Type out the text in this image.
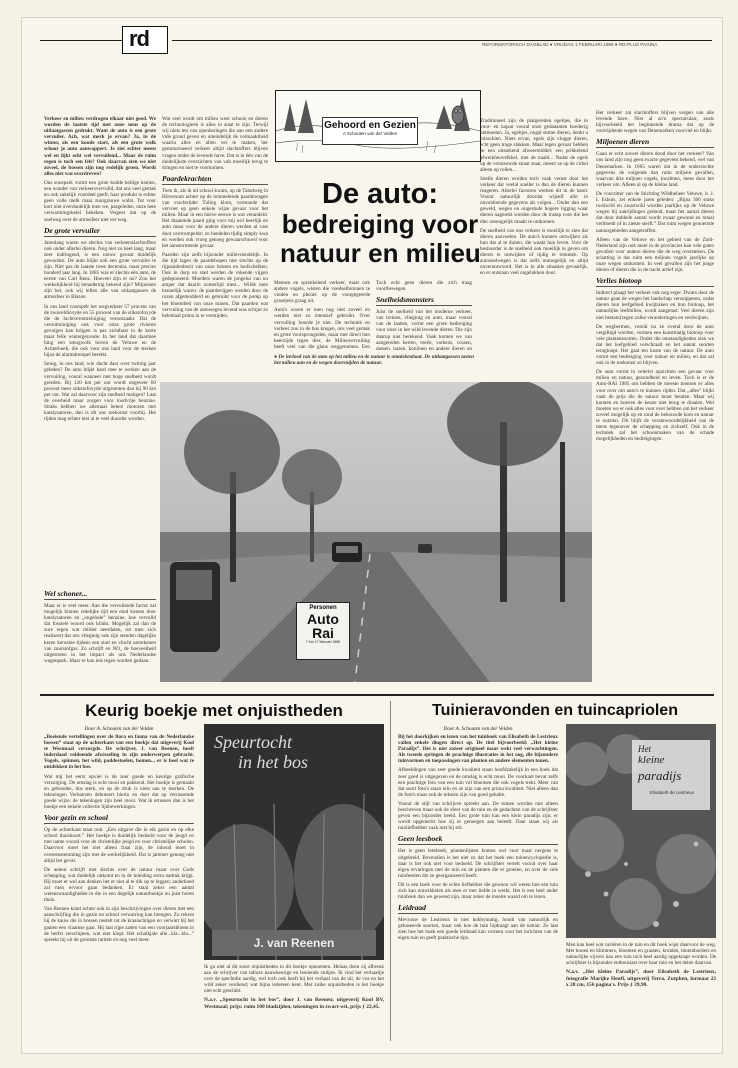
rd	REFORMATORISCH DAGBLAD ● VRIJDAG 1 FEBRUARI 1985 ● RD-PLUS PAGINA

Verkeer en milieu verdragen elkaar niet goed. We worden de laatste tijd met onze neus op de uitlaatgassen gedrukt. Want de auto is een grote vervuiler. Ach, wat merk je ervan? Ja, in de winter, als een koude start, als een grote wolk schoor je auto aanwappert. Je ziet echter meest wel en lijkt echt wel vervuilend... Maar de ruim regen is toch een feit? Ook daarvan zien we niet zoveel, de bossen zijn nog redelijk groen. Wordt alles niet wat overdreven?

Ons snoepark vormt een grote kudde heilige koeien, een wonder van verkeersvervuild, dat ons veel gemak en ook zakelijk voordeel geeft; haar produkt is echter geen volle melk maar zuurgrauwe walm. Tot voor kort niet overduidelijk toen we, pasgeleden, onze hete verwarmingsketel bekeken. Vergeet dat op de snelweg over de atmosfeer niet ver weg.

De grote vervuiler

Jarenlang waren we slechts van verkeersslachtoffers ook onder allerlei dieren. Nog niet zo heel lang, maar zeer indringend, is een nieuw gevaar duidelijk geworden. De auto blijkt ook een grote vervuiler te zijn. Niet pas de laatste twee decennia, maar precies honderd jaar lang. In 1885 was er slechts één auto, de eerste van Carl Benz. Hoeveel zijn er nu? Zou het werkelijkheid bij benadering bekend zijn? Miljoenen zijn het, ook wij tellen alle van uitlaatgassen de atmosfeer in Blazen.

In ons land voorspelt het wegverkeer 57 procent van de zwaveldioxyde en 55 procent van de stikstofoxyde die de luchtverontreiniging veroorzaakt. Dat de verontreiniging ook voor onze grote rivieren gevolgen kan krijgen is pas zichtbaar in de korte maar felle wintergezonde. In het land dat daarmee hing een smogwolk boven de Veluwe en de Achterhoek, die ook voor ons land voor de sterken bijna de alarmdrempel bereikt.

Smog, in ons land, wie dacht daar over twintig jaar geleden? De auto blijkt hard mee te werken aan de vervuiling, vooral wanneer met hoge snelheid wordt gereden. Bij 120 km per uur wordt ongeveer 60 procent meer stikstofoxyde uitgestoten dan bij 90 km per uur. Wat zal daarvoor zijn snelheid matigen? Laat de overheid maar zorgen voor loodvrije benzine. Straks hebben we allemaal betere motoren met katalysatoren, dan is dit ons toekomst voorbij. Het rijden mag echter niet al te veel duurder worden.

Wel schoner...

Maar er is veel meer. Aan die vervuilende factor zal mogelijk binnen redelijke tijd een eind komen door katalysatoren en „ongelode” benzine, hoe vervuild dat fossiele woord ook klinkt. Mogelijk zal dan de zure regen wat milder neerdalen, tot men zich realiseert dat ons vliegtuig ook zijn stenden dagelijks keren kerosine tijdens een start en vlucht omrekenen van zuurstofgas. Zo schrijft en NO₂ de hoeveelheid uitgestoten in het impact als ons Nederlandse wagenpark. Maar er kan iets tegen worden gedaan.

Wat veel wordt om milieu weer schoon en dieren de technologieën is alles in staat te zijn. Terwijl wij niets ten van openbaringen die aan een andere vide grond geven en uiteindelijk de volmaaktheid waarin alles en allen ver te maken, her gemotoriseerd verkeer altijd slachtoffers blijven vragen onder de levende have. Dat is in één van de duidelijkste overzichten van valt moeilijk terug te dringen en niet te voorkomen.

Paardekrachten

Toen ik, als ik uit school kwam, op de Taludweg in Hilversum achter op de remmelende paardewagen van vrachtrijder Tuling klom, vermoede dat vervoer op geen enkele wijze gevaar voor het milieu. Maar in een hoeve eenwe is wat verandeld. Het draaiende paard ging voor mij wel heerlijk en auto maar voor de andere dieren werden al vast door overrompelde; zo hendelen tijdig simply kwa en werden ook vroeg genoeg gewaarschuwd voor het aanstormende gevaar.

Paarden zijn zelfs bijzonder milievriendelijk. In die tijd lagen de paardehopen niet slechts op de rijpaardenbezit van onze bossen en loofschelken. Ook in dorp en stad werden de rokende vijgen gedeponeerd. Moeders waren de jongelui van nu amper dat daarin zomerlijd mest... Wilde men kennelijk waren: de paardevijgen werden door de rozen afgemodderd en gebruikt voor de pomp op het bloembed van onze tuinen. Dat paarden wat vervuiling van de autowegen levend was schijnt zo helemaal prima in te vermijden.

Gehoord en Gezien
A Schouten van der Velden
De auto:
bedreiging voor
natuur en milieu

Mensen en sprenkelend verkeer, maar ook andere vogels, wisten die voedselbronnen te vinden en plezier op de voorgegeerde grazejens graag uit.

Auto's waren er toen nog niet zoveel en werden niet zo intensief gebruikt. Over vervuiling hoorde je niet. De techniek en verkeer zou in de bus kregen, ons veel gemak en grote voorsprongeden, maar met direct hun keerzijde tegen dier, de Milieuvervuiling heeft veel van die glans weggenomen. Een

Toch echt geen dieren die zich traag voortbewegen.

Snelheidsmonsters

Juist de snelheid van het moderne verkeer, van treinen, vliegtuig en auto, maar vooral van de laatste, vormt een grote bedreiging voor onze in het wild levende dieren. Die zijn daarop niet berekend. Vaak komen we van aangereden herten, reeën, varkens, vossen, dassen, hazen, konijnen en andere dieren op

● De invloed van de auto op het milieu en de natuur is onmiskenbaar. De uitlaatgassen tasten het milieu aan en de wegen doorsnijden de natuur.

Traditioneel zijn de platgereden egeltjes, die in voor- en najaar vooral onze gedaaanten hoederig ontmoeten. Ja, egeltjes, nogal slome dieren, denkt u misschien. Niets ervan, egels zijn vlugge dieren, echt geen trage slakken. Maar tegen gevaar hebben ze een uitstekend afweermiddel: een prikkelend afwerkheuvelkkel, met de naald... Nadat de egels op de vernieuwde straat staat, meent ze op de cirkel alleen op rollen...

Snelle dieren worden toch vaak verast door het verkeer dat veelal sneller is dan de dieren kunnen reageren. Allerlei factoren werken dit in de hand. Vooral natuurlijk doordat wijzelf alle in onvoldoende gegevens als volgen... Onder dan een geweld, wegen en ongestude hogere ligging waar dieren nagerekt worden door de inslap voor die het dier onmogelijk maakt te ontkomen.

De snelheid van ons verkeer is moeilijk te zien dat dieren aanvoelen. De auto's kunnen ontwijken als hun dat al te duiten, die waakt hun leven. Voor de bestuurder is de snelheid ook moeilijk te geven om dieren te ontwijken of tijdig te remmen. Op autosnelwegen is dat zelfs onmogelijk en altijd onverantwoord. Het is in alle situaties gevaarlijk, en er ontstaan veel ongelukken door.

Het verkeer zal slachtoffers blijven vergen van alle levende have. Niet al zo'n spectaculair, zoals bijvoorbeeld het beginnende drama dat op de voorrijdende wegen van Denemarken voorviel en blijkt.

Miljoenen dieren

Gaan er echt zoveel dieren dood door het verkeer? Van ons land zijn nog geen exacte gegevens bekend, wel van Denemarken. In 1965 waren dat in de onderzochte gegevens de volgende dan ruim miljoen gevallen, waarvan drie miljoen vogels, kwalmen, mees door het verkeer om. Alleen al op de kleine land.

De voorzitter van de Stichting Wildbeheer Veluwe, ir. J. I. Esbuis, zei enkele jaren geleden: „Bijna 300 stuks roodwild en zwartwild worden jaarlijks op de Veluwe wegen bij aanrijdingen gedood, maar het aantal dieren dat door dubbele aantal wordt zwaar gewond en totaal verbloedt of in ziekte sterft.” Dat ruim wegen genoemde natuurgebieden aangetroffen.

Alleen van de Veluwe en het gebied van de Zuid-Nederland zijn ook meer in de provincies kan vele gaten gevallen voor andere dieren die de weg oversteken. De schatting is dat ruim een miljoen vogels jaarlijks op onze wegen omkomen. In veel gevallen zijn het jonge dieren of dieren die in de nacht actief zijn.

Verlies biotoop

Indirect plaagt het verkeer ook nog erger. Dwars door de natuur gaan de wegen het landschap versnipperen, zodat dieren hun leefgebied kwijtraken en hun biotoop, het natuurlijke leefmilieu, wordt aangetast. Veel dieren zijn niet bestand tegen zulke veranderingen en verdwijnen.

De wegbermen, voorál nu ze overal door de auto vergiftigd worden, vormen een kunstmatig biotoop voor vele plantensoorten. Onder die omstandigheden zien we dat het leefgebied verschraalt en het aantal soorten terugloopt. Het gaat ten koste van de natuur. De auto vormt een bedreiging voor natuur en milieu, en dat zal ook in de toekomst zo blijven.

De auto vormt in velerlei opzichten een gevaar voor milieu en natuur, gezondheid en leven. Toch is er de Auto-RAI 1985 om hebben de meeste mensen er alles voor over om auto's te kunnen rijden. Dat „alles” blijkt vaak de prijs die de natuur moet betalen. Maar wij kunnen en hoeven de keuze niet terug te draaien. Wel moeten we er ook alles voor over hebben om het verkeer zoveel mogelijk op en rond de bebouwde kom en natuur te ontzien. Dit blijft de verantwoordelijkheid van de mens tegenover de schepping en zichzelf. Ook in de techniek zal het schoonmaken van de schade mogelijkheden en bedreigingen.

Personen
Auto
Rai
7 t/m 17 februari 1985
Keurig boekje met onjuistheden
Door A. Schouten van der Velden

„Boeiende vertellingen over de flora en fauna van de Nederlandse bossen” staat op de achterkant van een boekje dat uitgeverij Kool te Westmaal verzorgde. De schrijver, J. van Reenen, heeft inderdaad voldoende afwisseling in zijn onderwerpen gebracht. Vogels, spinnen, het wild, paddestoelen, bomen... er is heel wat te ontdekken in het bos.

Wat mij het eerst opviel is de zeer goede en keurige grafische verzorging. De omslag is echt mooi en pakkend. Het boekje is gemaakt en gebonden, dus sterk, en op de druk is niets aan te merken. De tekeningen Verhoeven debuteert hierin en doet dat op verrassende goede wijze; de tekeningen zijn heel mooi. Wat ik ertussen dan is het boekje een enkele collectie lijnbewerkingen.

Voor gezin en school

Op de achterkant staat ook: „Een uitgave die in elk gezin en op elke school thuishoort.” Het boekje is duidelijk bedoeld voor de jeugd en met name vooral voor de christelijke jeugd en voor christelijke scholen. Daarvoor moet het niet alleen fraai zijn, de inhoud moet in overeenstemming zijn met de werkelijkheid. Dat is jammer genoeg niet altijd het geval.

De auteur schrijft met slechts over de natuur maar over Gods schepping, wat duidelijk uitkomt en in de inleiding extra nadruk krijgt. Hij moet er wel aan denken het er niet al te dik op te leggen; anderhoed zal men ervoor gaan bedanken. Er staat zeker een aantal wetenswaardigheden in die in een degelijk natuurboekje nu juist horen thuis.

Van Reenen komt echter ook in zijn beschrijvingen over dieren met een aanschrijfing die in gezin en school verwarring kan brengen. Zo rekent hij de kauw die in bossen nestelt tot de kraaiachtigen en verwart hij het gaaien een vlaamse gaai. Hij laat rijpe zaden van een voorjaarsbloem in de herfst verschijnen, wat niet klopt. Het schalkjale alle...kla...kla...” spreekt hij uit de grootste rariteit en nog veel meer.

Speurtocht
in het bos
J. van Reenen

Ik ga niet al dit soort onjuistheden in dit boekje opnoemen. Helaas doen zij afbreuk aan de schrijver van talloze nauwkeurige en boeiende stukjes. Ik vind het verhaaltje over de spechtdie aardig, wel toch ook heeft hij het verhaal van de uil, de vos en het wild zeker verdiend; wat bijna iedereen kent. Met zulke onjuistheden is het boekje niet echt geschikt.

N.a.v. „Speurtocht in het bos”, door J. van Reenen; uitgeverij Kool BV, Westmaal; prijs: ruim 100 bladzijden, tekeningen in zwart-wit, prijs ƒ 22,45.
Tuinieravonden en tuincapriolen
Door A. Schouten van der Velden

Bij het doorkijken en lezen van het tuinboek van Elisabeth de Lestrieux vallen enkele dingen direct op. De titel bijvoorbeeld: „Het kleine Paradijs”. Het is niet zozeer origineel maar wekt veel verwachtingen. Als tweede springen de prachtige illustraties in het oog, die bijzondere tuinvormen en toepassingen van planten en andere elementen tonen.

Afbeeldingen van zeer goede kwaliteit staan hoofdzakelijk in een boek dat zeer goed is uitgegeven en de omslag is echt mooi. De voorkant bevat zelfs een prachtige foto van een tuin vol bloemen die ook vogels trekt. Meer van dat soort foto's staan erin en ze zijn van een prima kwaliteit. Niet alleen dan de foto's maar ook de teksten zijn van goed gehalte.

Vooral de stijl van schrijven spreekt aan. De tuinen worden niet alleen beschreven maar ook de sfeer van de tuin en de gedachten van de schrijfster geven een bijzonder beeld. Een grote tuin kan een klein paradijs zijn; er wordt opgemerkt hoe zij er genoegen aan beleeft. Daar staan wij als tuinliefhebber vaak niet bij stil.

Geen leesboek

Het is geen leesboek; plantenlijsten komen wel voor maar nergens te uitgebreid. Bovendien is het niet zo dat het boek een tuinencyclopedie is, daar is het ook niet voor bedoeld. De schrijfster vertelt vooral over haar eigen ervaringen met de tuin en de planten die er groeien, en over de vele tuinfeesten die ze georganiseerd heeft.

Dit is een boek voor de echte liefhebber die gewoon wil weten hoe een tuin zich kan ontwikkelen als men er met liefde in werkt. Het is een heel ander tuinboek dan we gewend zijn, maar zeker de moeite waard om te lezen.

Leidraad

Mevrouw de Lestrieux is niet hobbymatig, houdt van natuurlijk en gebaseerde soorten, maar ook hoe de tuin bijdraagt aan de natuur. Ze laat zien hoe het boek een goede leidraad kan vormen voor het inrichten van de eigen tuin en geeft praktische tips.

Het
kleine
paradijs
Elisabeth de Lestrieux

Men kan heel wat variëren in de tuin en dit boek wijst daarvoor de weg. Met bonen en klimmers, bloemen en grassen, kruiden, bloemborders en natuurlijke vijvers kan een tuin toch heel aardig opgeknapt worden. De schrijfster is bijzonder enthousiast over haar tuin en het delen daarvan.

N.a.v. „Het kleine Paradijs”, door Elisabeth de Lestrieux, fotografie Marijke Heuff, uitgeverij Terra, Zutphen, formaat 23 x 28 cm, 156 pagina's. Prijs ƒ 39,90.
